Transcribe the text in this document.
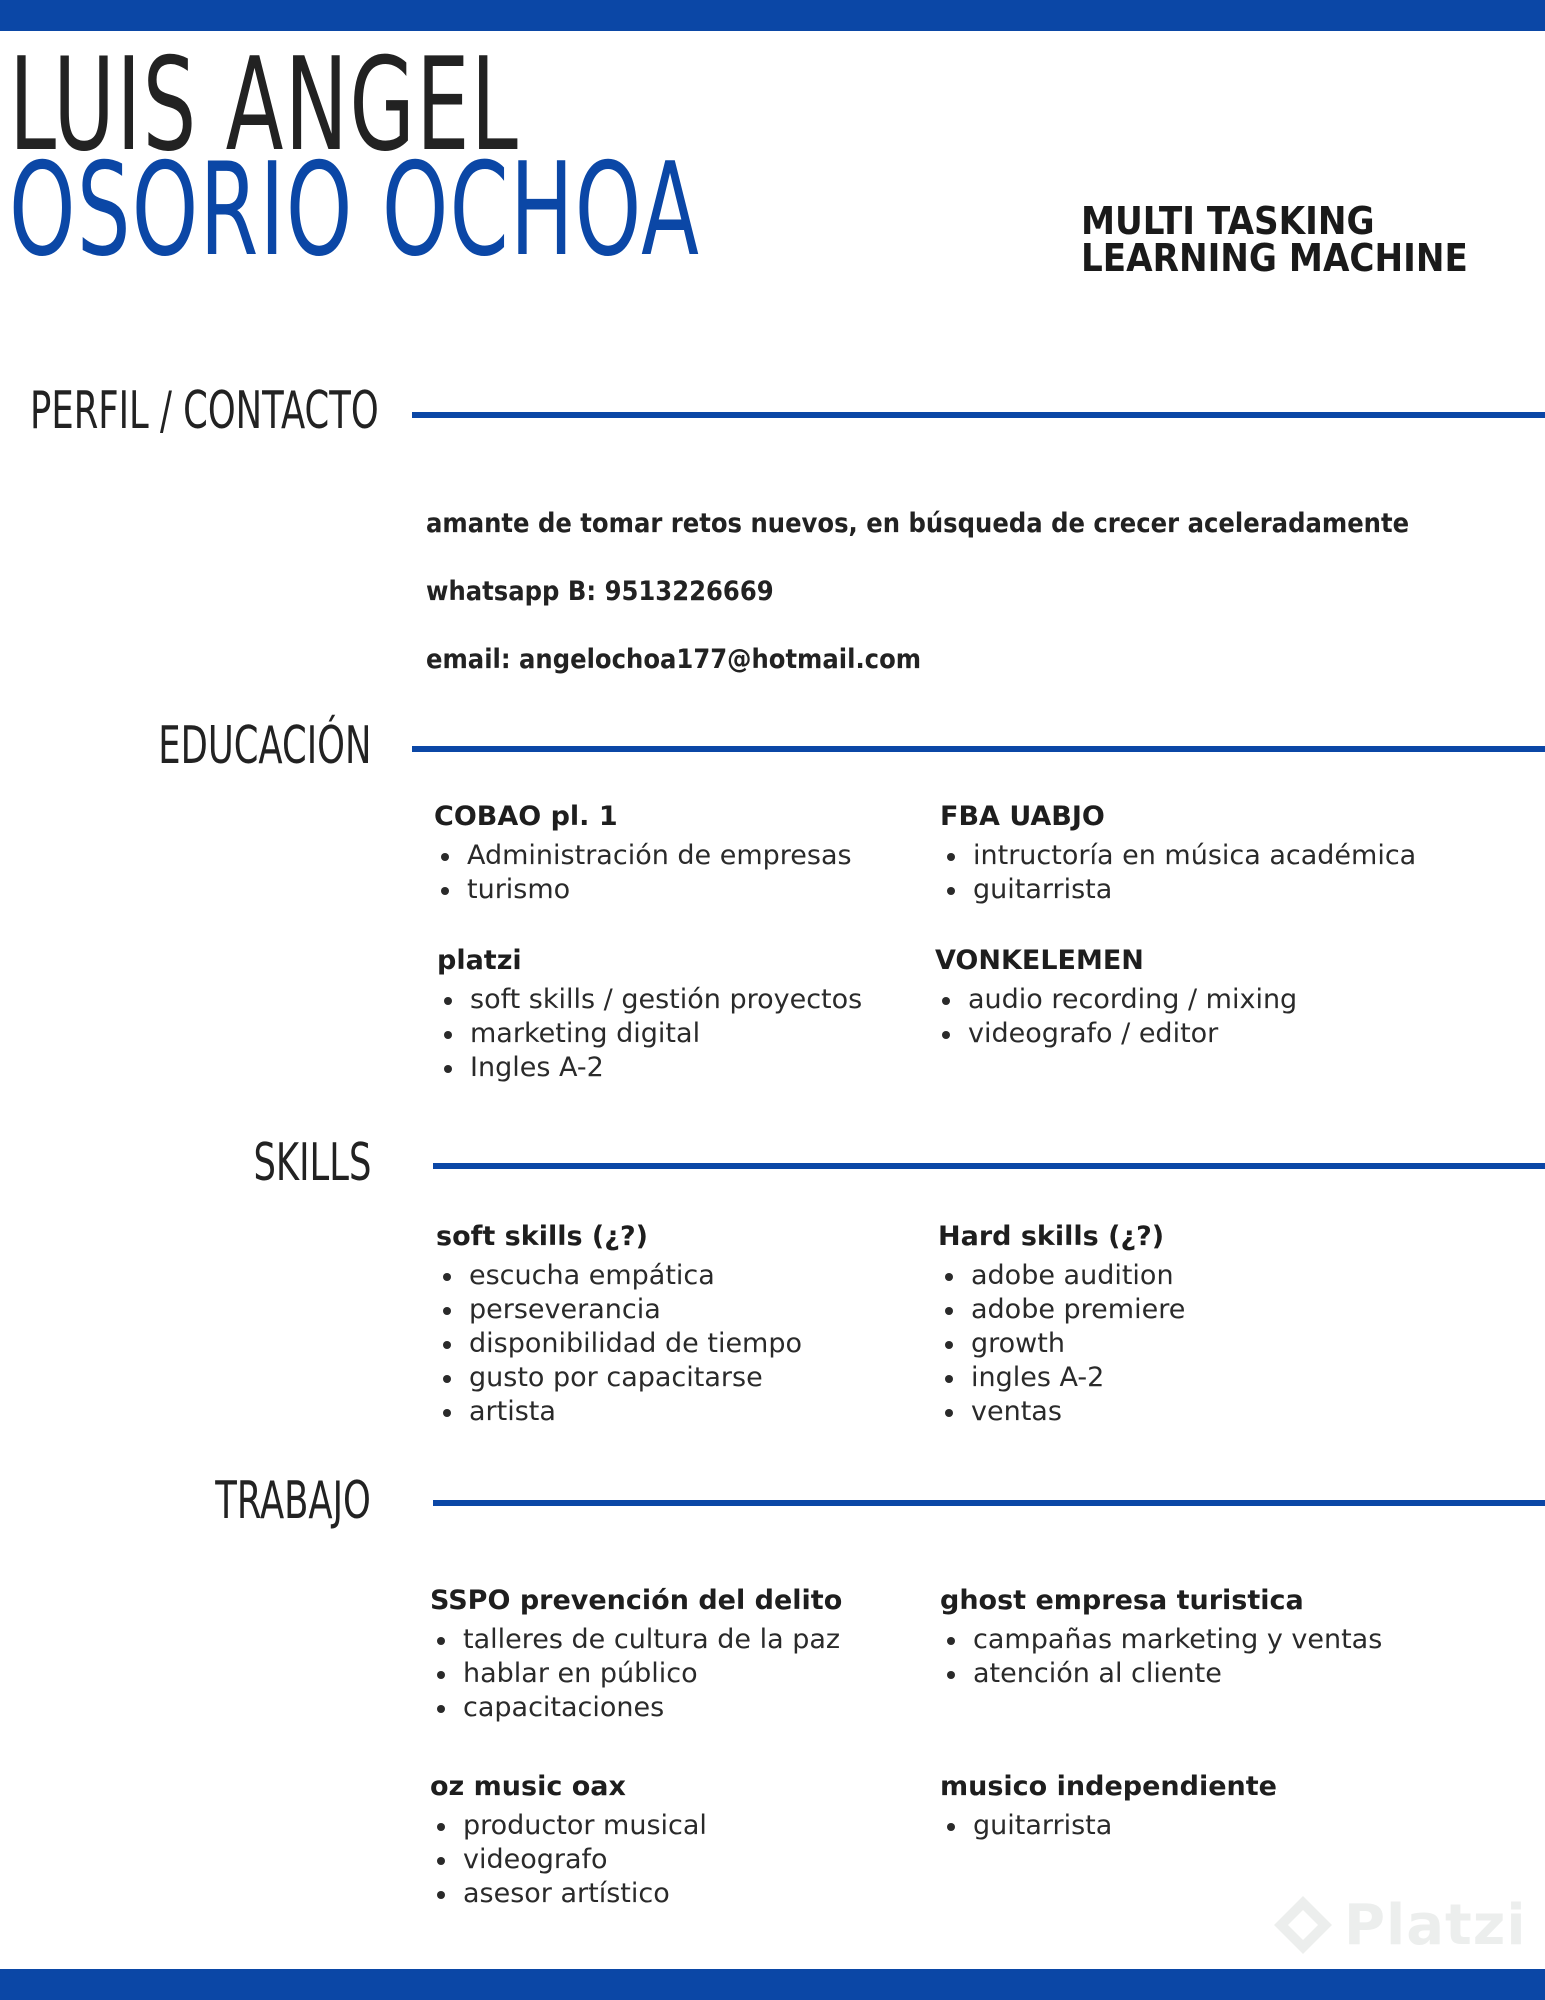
LUIS ANGEL
OSORIO OCHOA	MULTI TASKING
LEARNING MACHINE
PERFIL / CONTACTO

amante de tomar retos nuevos, en búsqueda de crecer aceleradamente

whatsapp B: 9513226669

email: angelochoa177@hotmail.com

EDUCACIÓN
COBAO pl. 1
Administración de empresas
turismo
FBA UABJO
intructoría en música académica
guitarrista
platzi
soft skills / gestión proyectos
marketing digital
Ingles A-2
VONKELEMEN
audio recording / mixing
videografo / editor
SKILLS
soft skills (¿?)
escucha empática
perseverancia
disponibilidad de tiempo
gusto por capacitarse
artista
Hard skills (¿?)
adobe audition
adobe premiere
growth
ingles A-2
ventas
TRABAJO
SSPO prevención del delito
talleres de cultura de la paz
hablar en público
capacitaciones
ghost empresa turistica
campañas marketing y ventas
atención al cliente
oz music oax
productor musical
videografo
asesor artístico
musico independiente
guitarrista
Platzi
